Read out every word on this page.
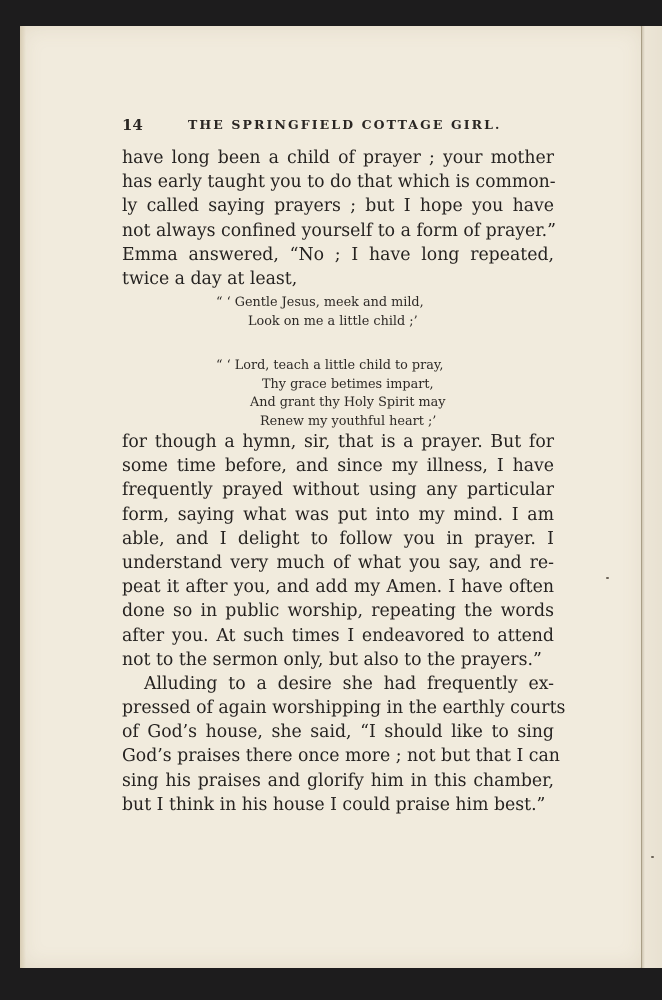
14	THE SPRINGFIELD COTTAGE GIRL.
have long been a child of prayer ; your mother
has early taught you to do that which is common-
ly called saying prayers ; but I hope you have
not always confined yourself to a form of prayer.”
Emma answered, “No ; I have long repeated,
twice a day at least,
“ ‘ Gentle Jesus, meek and mild,
Look on me a little child ;’
“ ‘ Lord, teach a little child to pray,
Thy grace betimes impart,
And grant thy Holy Spirit may
Renew my youthful heart ;’
for though a hymn, sir, that is a prayer. But for
some time before, and since my illness, I have
frequently prayed without using any particular
form, saying what was put into my mind. I am
able, and I delight to follow you in prayer. I
understand very much of what you say, and re-
peat it after you, and add my Amen. I have often
done so in public worship, repeating the words
after you. At such times I endeavored to attend
not to the sermon only, but also to the prayers.”
Alluding to a desire she had frequently ex-
pressed of again worshipping in the earthly courts
of God’s house, she said, “I should like to sing
God’s praises there once more ; not but that I can
sing his praises and glorify him in this chamber,
but I think in his house I could praise him best.”
